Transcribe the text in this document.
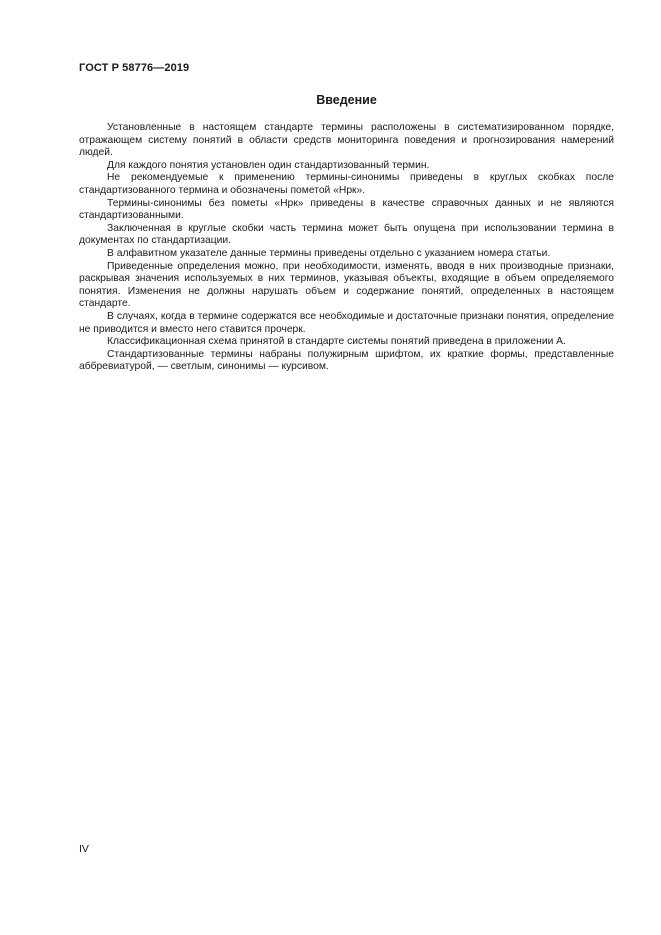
ГОСТ Р 58776—2019
Введение

Установленные в настоящем стандарте термины расположены в систематизированном порядке, отражающем систему понятий в области средств мониторинга поведения и прогнозирования намерений людей.

Для каждого понятия установлен один стандартизованный термин.

Не рекомендуемые к применению термины-синонимы приведены в круглых скобках после стандартизованного термина и обозначены пометой «Нрк».

Термины-синонимы без пометы «Нрк» приведены в качестве справочных данных и не являются стандартизованными.

Заключенная в круглые скобки часть термина может быть опущена при использовании термина в документах по стандартизации.

В алфавитном указателе данные термины приведены отдельно с указанием номера статьи.

Приведенные определения можно, при необходимости, изменять, вводя в них производные признаки, раскрывая значения используемых в них терминов, указывая объекты, входящие в объем определяемого понятия. Изменения не должны нарушать объем и содержание понятий, определенных в настоящем стандарте.

В случаях, когда в термине содержатся все необходимые и достаточные признаки понятия, определение не приводится и вместо него ставится прочерк.

Классификационная схема принятой в стандарте системы понятий приведена в приложении А.

Стандартизованные термины набраны полужирным шрифтом, их краткие формы, представленные аббревиатурой, — светлым, синонимы — курсивом.

IV
